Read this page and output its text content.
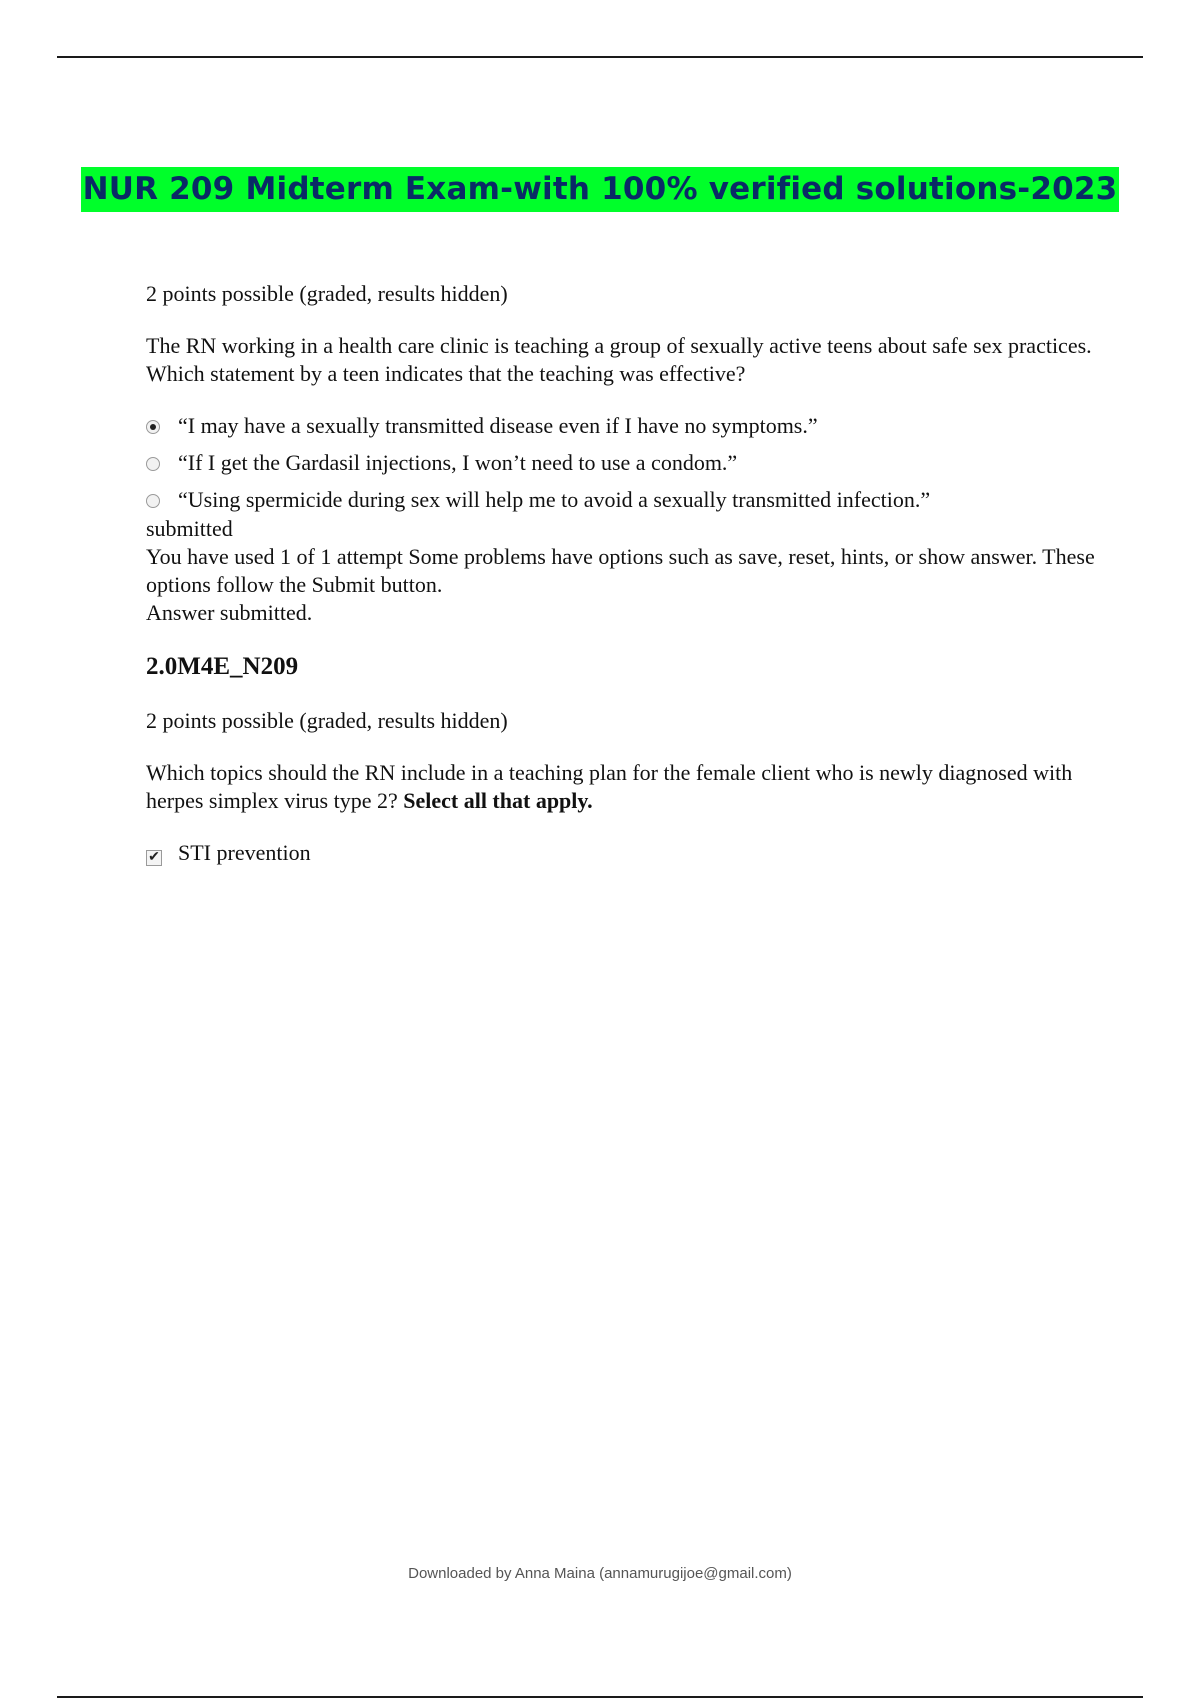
NUR 209 Midterm Exam-with 100% verified solutions-2023

2 points possible (graded, results hidden)

The RN working in a health care clinic is teaching a group of sexually active teens about safe sex practices. Which statement by a teen indicates that the teaching was effective?

“I may have a sexually transmitted disease even if I have no symptoms.”
“If I get the Gardasil injections, I won’t need to use a condom.”
“Using spermicide during sex will help me to avoid a sexually transmitted infection.”

submitted

You have used 1 of 1 attempt Some problems have options such as save, reset, hints, or show answer. These options follow the Submit button.

Answer submitted.

2.0M4E_N209

2 points possible (graded, results hidden)

Which topics should the RN include in a teaching plan for the female client who is newly diagnosed with herpes simplex virus type 2? Select all that apply.

✔ STI prevention
Downloaded by Anna Maina (annamurugijoe@gmail.com)
